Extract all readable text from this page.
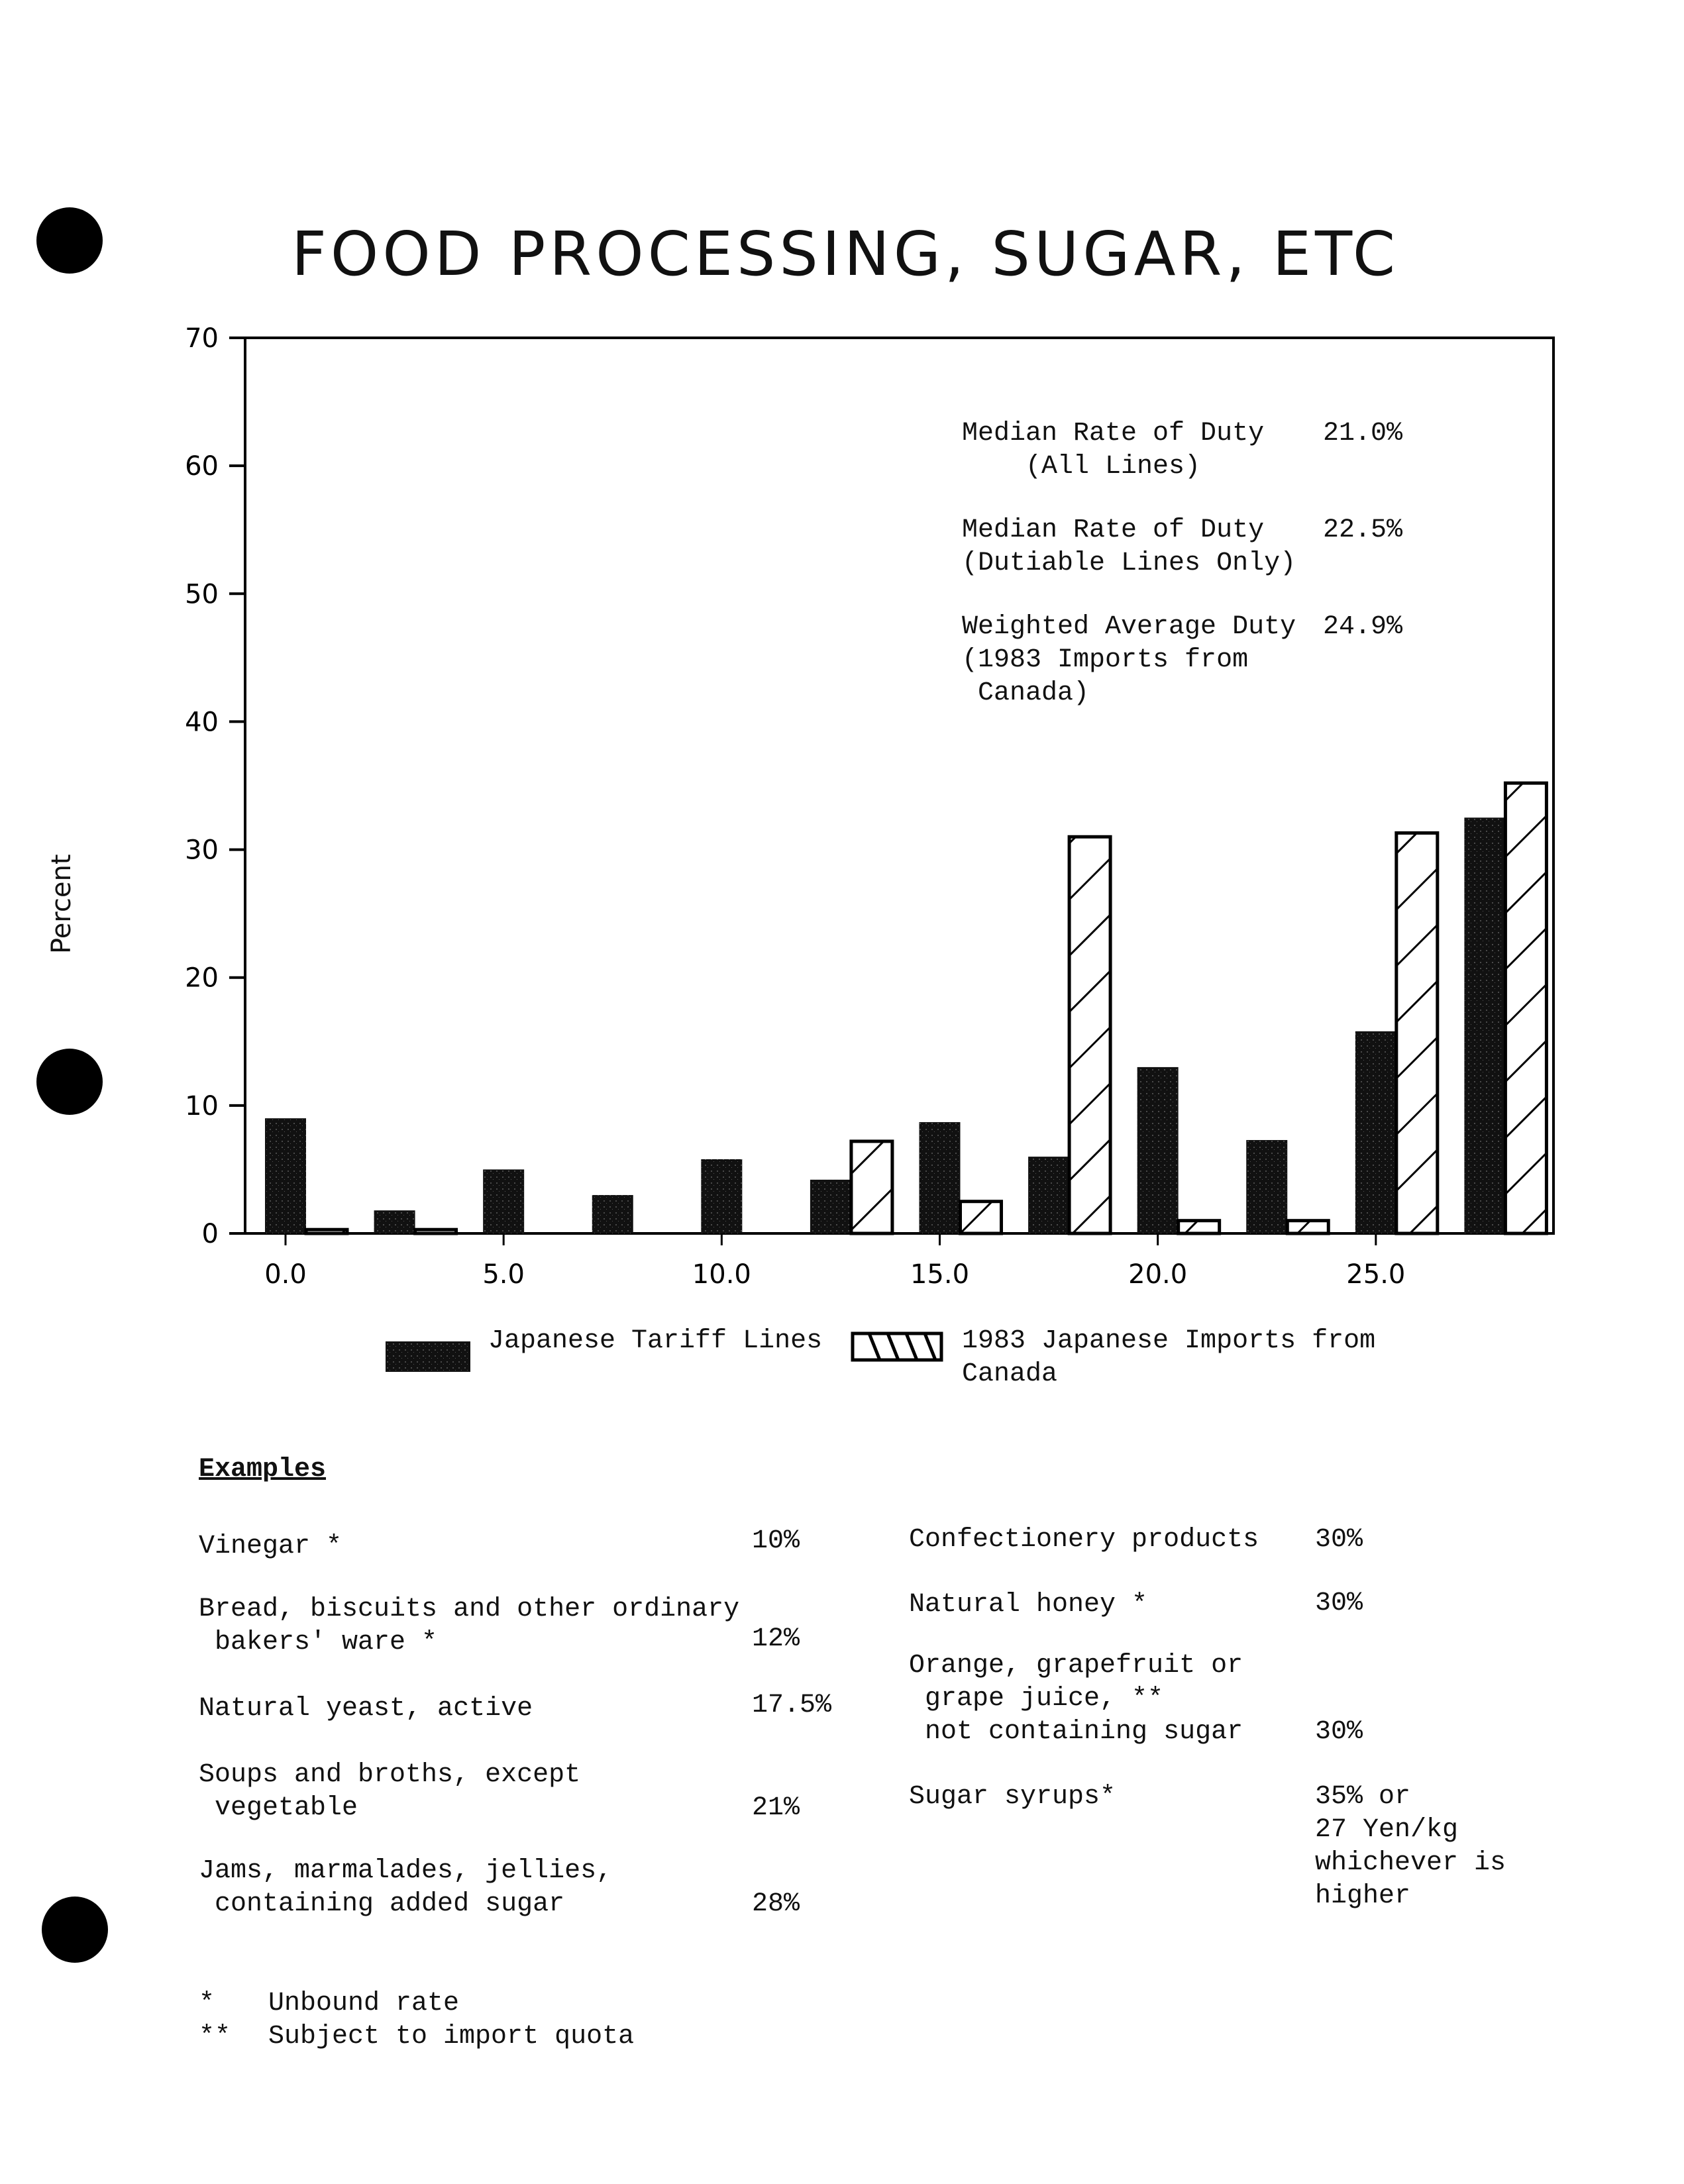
FOOD PROCESSING, SUGAR, ETC
Percent
0
10
20
30
40
50
60
70
0.0	5.0	10.0	15.0	20.0	25.0
Median Rate of Duty
(All Lines)
21.0%
Median Rate of Duty
(Dutiable Lines Only)
22.5%
Weighted Average Duty
(1983 Imports from
Canada)
24.9%
Japanese Tariff Lines	1983 Japanese Imports from
Canada
Examples
Vinegar *	10%
Bread, biscuits and other ordinary
bakers' ware *	12%
Natural yeast, active	17.5%
Soups and broths, except
vegetable	21%
Jams, marmalades, jellies,
containing added sugar	28%
Confectionery products 30%
Natural honey *	30%
Orange, grapefruit or
grape juice, **
not containing sugar	30%
Sugar syrups*	35% or
27 Yen/kg
whichever is
higher
* Unbound rate
** Subject to import quota
